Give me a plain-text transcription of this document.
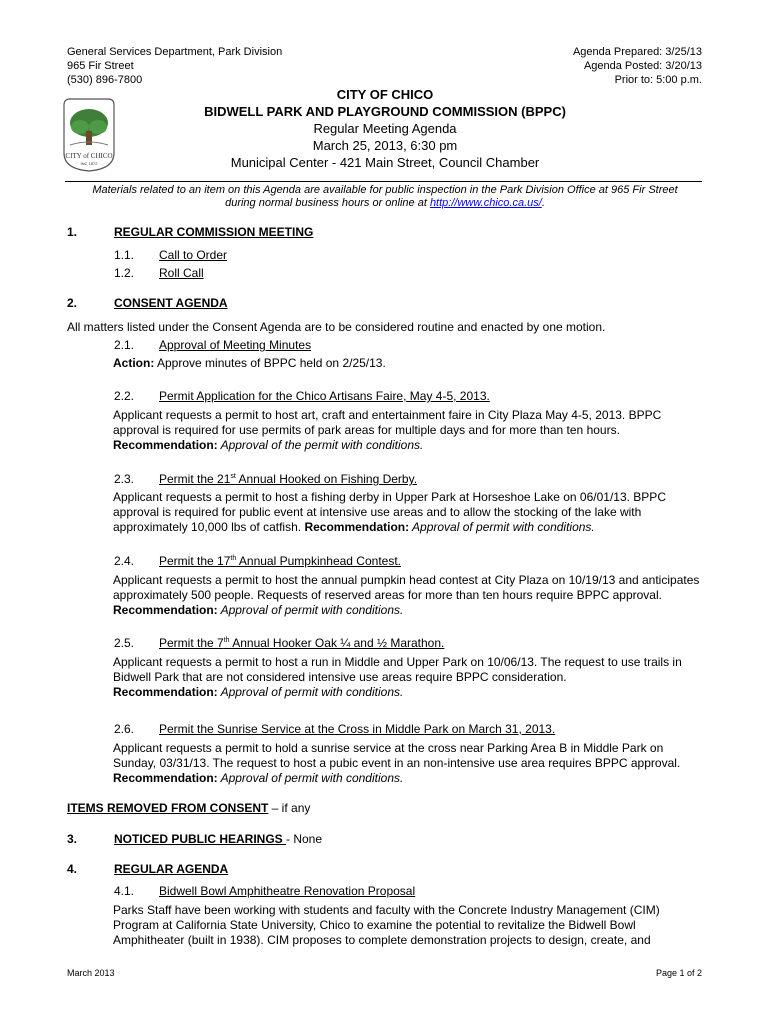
General Services Department, Park Division
965 Fir Street
(530) 896-7800
Agenda Prepared: 3/25/13
Agenda Posted: 3/20/13
Prior to: 5:00 p.m.
CITY of CHICO
INC 1872
CITY OF CHICO
BIDWELL PARK AND PLAYGROUND COMMISSION (BPPC)
Regular Meeting Agenda
March 25, 2013, 6:30 pm
Municipal Center - 421 Main Street, Council Chamber
Materials related to an item on this Agenda are available for public inspection in the Park Division Office at 965 Fir Street during normal business hours or online at http://www.chico.ca.us/.
1.	REGULAR COMMISSION MEETING
1.1. Call to Order
1.2. Roll Call
2.	CONSENT AGENDA
All matters listed under the Consent Agenda are to be considered routine and enacted by one motion.
2.1. Approval of Meeting Minutes
Action: Approve minutes of BPPC held on 2/25/13.
2.2. Permit Application for the Chico Artisans Faire, May 4-5, 2013.
Applicant requests a permit to host art, craft and entertainment faire in City Plaza May 4-5, 2013. BPPC approval is required for use permits of park areas for multiple days and for more than ten hours.
Recommendation: Approval of the permit with conditions.
2.3. Permit the 21st Annual Hooked on Fishing Derby.
Applicant requests a permit to host a fishing derby in Upper Park at Horseshoe Lake on 06/01/13. BPPC approval is required for public event at intensive use areas and to allow the stocking of the lake with approximately 10,000 lbs of catfish. Recommendation: Approval of permit with conditions.
2.4. Permit the 17th Annual Pumpkinhead Contest.
Applicant requests a permit to host the annual pumpkin head contest at City Plaza on 10/19/13 and anticipates approximately 500 people. Requests of reserved areas for more than ten hours require BPPC approval. Recommendation: Approval of permit with conditions.
2.5. Permit the 7th Annual Hooker Oak ¼ and ½ Marathon.
Applicant requests a permit to host a run in Middle and Upper Park on 10/06/13. The request to use trails in Bidwell Park that are not considered intensive use areas require BPPC consideration.
Recommendation: Approval of permit with conditions.
2.6. Permit the Sunrise Service at the Cross in Middle Park on March 31, 2013.
Applicant requests a permit to hold a sunrise service at the cross near Parking Area B in Middle Park on Sunday, 03/31/13. The request to host a pubic event in an non-intensive use area requires BPPC approval. Recommendation: Approval of permit with conditions.
ITEMS REMOVED FROM CONSENT – if any
3.	NOTICED PUBLIC HEARINGS - None
4.	REGULAR AGENDA
4.1. Bidwell Bowl Amphitheatre Renovation Proposal
Parks Staff have been working with students and faculty with the Concrete Industry Management (CIM) Program at California State University, Chico to examine the potential to revitalize the Bidwell Bowl Amphitheater (built in 1938). CIM proposes to complete demonstration projects to design, create, and
March 2013	Page 1 of 2
